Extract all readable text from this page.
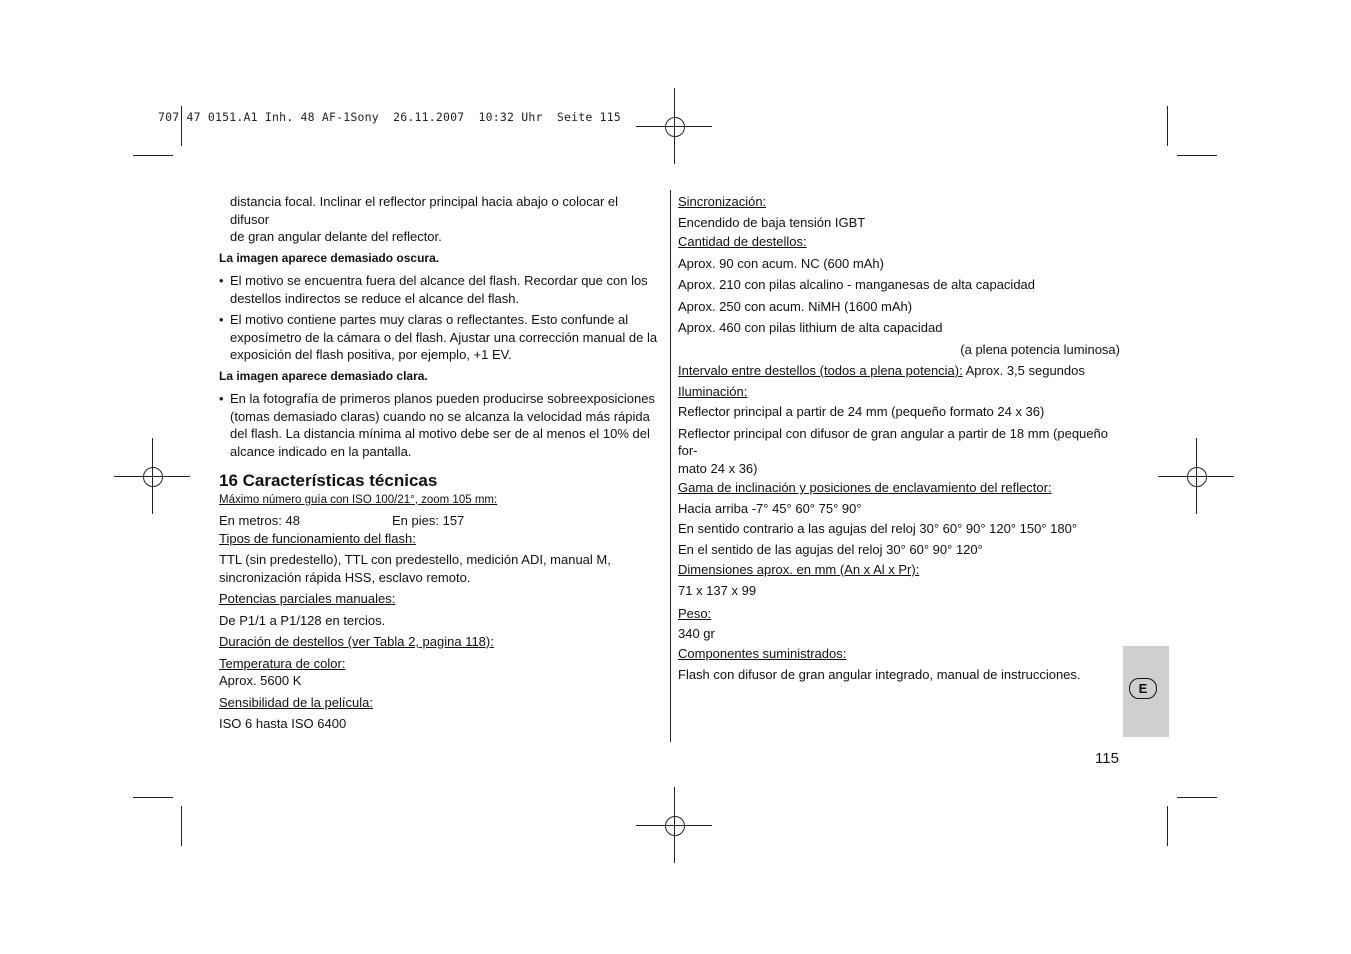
707 47 0151.A1 Inh. 48 AF-1Sony  26.11.2007  10:32 Uhr  Seite 115

distancia focal. Inclinar el reflector principal hacia abajo o colocar el difusor
de gran angular delante del reflector.

La imagen aparece demasiado oscura.

• El motivo se encuentra fuera del alcance del flash. Recordar que con los destellos indirectos se reduce el alcance del flash.

• El motivo contiene partes muy claras o reflectantes. Esto confunde al exposímetro de la cámara o del flash. Ajustar una corrección manual de la exposición del flash positiva, por ejemplo, +1 EV.

La imagen aparece demasiado clara.

• En la fotografía de primeros planos pueden producirse sobreexposiciones (tomas demasiado claras) cuando no se alcanza la velocidad más rápida del flash. La distancia mínima al motivo debe ser de al menos el 10% del alcance indicado en la pantalla.

16 Características técnicas

Máximo número guía con ISO 100/21°, zoom 105 mm:

En metros: 48	En pies: 157

Tipos de funcionamiento del flash:

TTL (sin predestello), TTL con predestello, medición ADI, manual M,
sincronización rápida HSS, esclavo remoto.

Potencias parciales manuales:

De P1/1 a P1/128 en tercios.

Duración de destellos (ver Tabla 2, pagina 118):

Temperatura de color:

Aprox. 5600 K

Sensibilidad de la película:

ISO 6 hasta ISO 6400

Sincronización:

Encendido de baja tensión IGBT

Cantidad de destellos:

Aprox. 90 con acum. NC (600 mAh)

Aprox. 210 con pilas alcalino - manganesas de alta capacidad

Aprox. 250 con acum. NiMH (1600 mAh)

Aprox. 460 con pilas lithium de alta capacidad

(a plena potencia luminosa)

Intervalo entre destellos (todos a plena potencia): Aprox. 3,5 segundos

Iluminación:

Reflector principal a partir de 24 mm (pequeño formato 24 x 36)

Reflector principal con difusor de gran angular a partir de 18 mm (pequeño for-
mato 24 x 36)

Gama de inclinación y posiciones de enclavamiento del reflector:

Hacia arriba -7° 45° 60° 75° 90°

En sentido contrario a las agujas del reloj 30° 60° 90° 120° 150° 180°

En el sentido de las agujas del reloj 30° 60° 90° 120°

Dimensiones aprox. en mm (An x Al x Pr):

71 x 137 x 99

Peso:

340 gr

Componentes suministrados:

Flash con difusor de gran angular integrado, manual de instrucciones.

E
115
